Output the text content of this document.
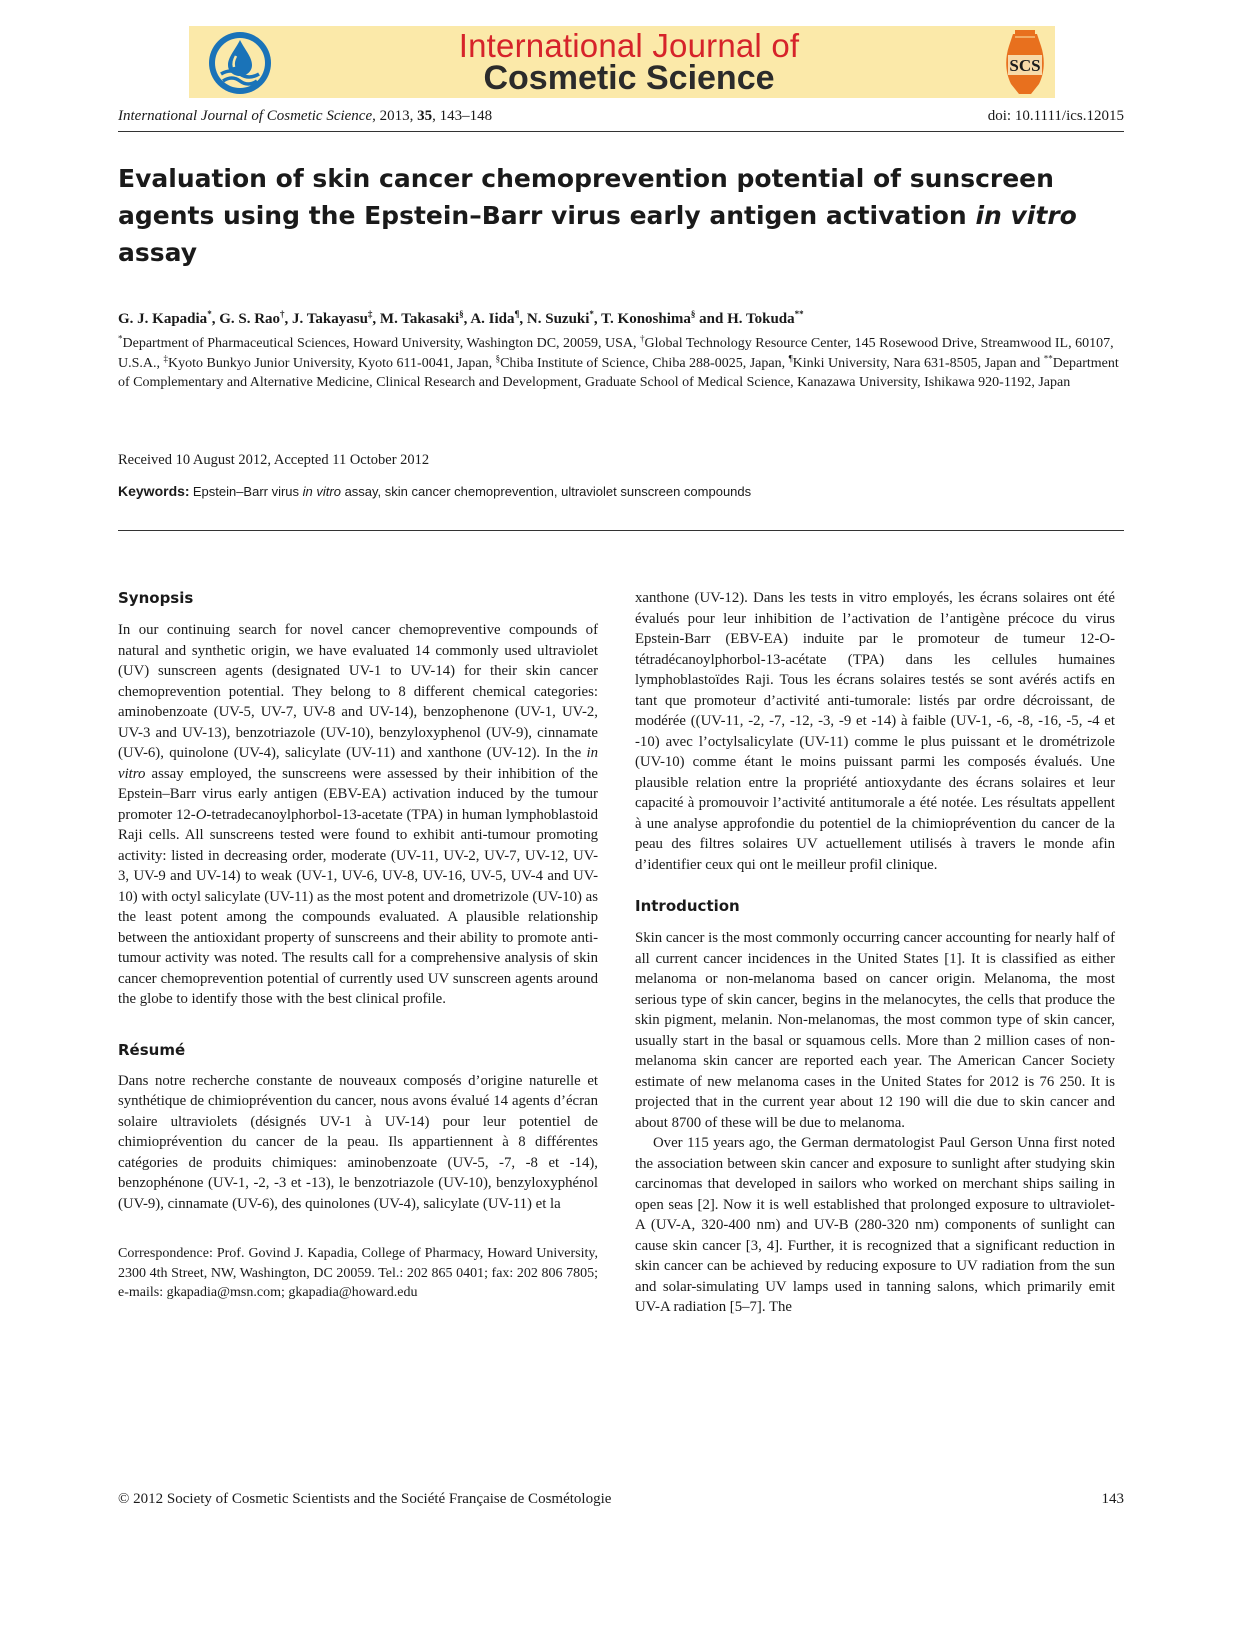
International Journal of
Cosmetic Science	SCS
International Journal of Cosmetic Science, 2013, 35, 143–148	doi: 10.1111/ics.12015
Evaluation of skin cancer chemoprevention potential of sunscreen agents using the Epstein–Barr virus early antigen activation in vitro assay
G. J. Kapadia*, G. S. Rao†, J. Takayasu‡, M. Takasaki§, A. Iida¶, N. Suzuki*, T. Konoshima§ and H. Tokuda**
*Department of Pharmaceutical Sciences, Howard University, Washington DC, 20059, USA, †Global Technology Resource Center, 145 Rosewood Drive, Streamwood IL, 60107, U.S.A., ‡Kyoto Bunkyo Junior University, Kyoto 611-0041, Japan, §Chiba Institute of Science, Chiba 288-0025, Japan, ¶Kinki University, Nara 631-8505, Japan and **Department of Complementary and Alternative Medicine, Clinical Research and Development, Graduate School of Medical Science, Kanazawa University, Ishikawa 920-1192, Japan
Received 10 August 2012, Accepted 11 October 2012
Keywords: Epstein–Barr virus in vitro assay, skin cancer chemoprevention, ultraviolet sunscreen compounds
Synopsis

In our continuing search for novel cancer chemopreventive compounds of natural and synthetic origin, we have evaluated 14 commonly used ultraviolet (UV) sunscreen agents (designated UV-1 to UV-14) for their skin cancer chemoprevention potential. They belong to 8 different chemical categories: aminobenzoate (UV-5, UV-7, UV-8 and UV-14), benzophenone (UV-1, UV-2, UV-3 and UV-13), benzotriazole (UV-10), benzyloxyphenol (UV-9), cinnamate (UV-6), quinolone (UV-4), salicylate (UV-11) and xanthone (UV-12). In the in vitro assay employed, the sunscreens were assessed by their inhibition of the Epstein–Barr virus early antigen (EBV-EA) activation induced by the tumour promoter 12-O-tetradecanoylphorbol-13-acetate (TPA) in human lymphoblastoid Raji cells. All sunscreens tested were found to exhibit anti-tumour promoting activity: listed in decreasing order, moderate (UV-11, UV-2, UV-7, UV-12, UV-3, UV-9 and UV-14) to weak (UV-1, UV-6, UV-8, UV-16, UV-5, UV-4 and UV-10) with octyl salicylate (UV-11) as the most potent and drometrizole (UV-10) as the least potent among the compounds evaluated. A plausible relationship between the antioxidant property of sunscreens and their ability to promote anti-tumour activity was noted. The results call for a comprehensive analysis of skin cancer chemoprevention potential of currently used UV sunscreen agents around the globe to identify those with the best clinical profile.

Résumé

Dans notre recherche constante de nouveaux composés d’origine naturelle et synthétique de chimioprévention du cancer, nous avons évalué 14 agents d’écran solaire ultraviolets (désignés UV-1 à UV-14) pour leur potentiel de chimioprévention du cancer de la peau. Ils appartiennent à 8 différentes catégories de produits chimiques: aminobenzoate (UV-5, -7, -8 et -14), benzophénone (UV-1, -2, -3 et -13), le benzotriazole (UV-10), benzyloxyphénol (UV-9), cinnamate (UV-6), des quinolones (UV-4), salicylate (UV-11) et la

Correspondence: Prof. Govind J. Kapadia, College of Pharmacy, Howard University, 2300 4th Street, NW, Washington, DC 20059. Tel.: 202 865 0401; fax: 202 806 7805; e-mails: gkapadia@msn.com; gkapadia@howard.edu

xanthone (UV-12). Dans les tests in vitro employés, les écrans solaires ont été évalués pour leur inhibition de l’activation de l’antigène précoce du virus Epstein-Barr (EBV-EA) induite par le promoteur de tumeur 12-O-tétradécanoylphorbol-13-acétate (TPA) dans les cellules humaines lymphoblastoïdes Raji. Tous les écrans solaires testés se sont avérés actifs en tant que promoteur d’activité anti-tumorale: listés par ordre décroissant, de modérée ((UV-11, -2, -7, -12, -3, -9 et -14) à faible (UV-1, -6, -8, -16, -5, -4 et -10) avec l’octylsalicylate (UV-11) comme le plus puissant et le drométrizole (UV-10) comme étant le moins puissant parmi les composés évalués. Une plausible relation entre la propriété antioxydante des écrans solaires et leur capacité à promouvoir l’activité antitumorale a été notée. Les résultats appellent à une analyse approfondie du potentiel de la chimioprévention du cancer de la peau des filtres solaires UV actuellement utilisés à travers le monde afin d’identifier ceux qui ont le meilleur profil clinique.

Introduction

Skin cancer is the most commonly occurring cancer accounting for nearly half of all current cancer incidences in the United States [1]. It is classified as either melanoma or non-melanoma based on cancer origin. Melanoma, the most serious type of skin cancer, begins in the melanocytes, the cells that produce the skin pigment, melanin. Non-melanomas, the most common type of skin cancer, usually start in the basal or squamous cells. More than 2 million cases of non-melanoma skin cancer are reported each year. The American Cancer Society estimate of new melanoma cases in the United States for 2012 is 76 250. It is projected that in the current year about 12 190 will die due to skin cancer and about 8700 of these will be due to melanoma.

Over 115 years ago, the German dermatologist Paul Gerson Unna first noted the association between skin cancer and exposure to sunlight after studying skin carcinomas that developed in sailors who worked on merchant ships sailing in open seas [2]. Now it is well established that prolonged exposure to ultraviolet-A (UV-A, 320-400 nm) and UV-B (280-320 nm) components of sunlight can cause skin cancer [3, 4]. Further, it is recognized that a significant reduction in skin cancer can be achieved by reducing exposure to UV radiation from the sun and solar-simulating UV lamps used in tanning salons, which primarily emit UV-A radiation [5–7]. The

© 2012 Society of Cosmetic Scientists and the Société Française de Cosmétologie	143
